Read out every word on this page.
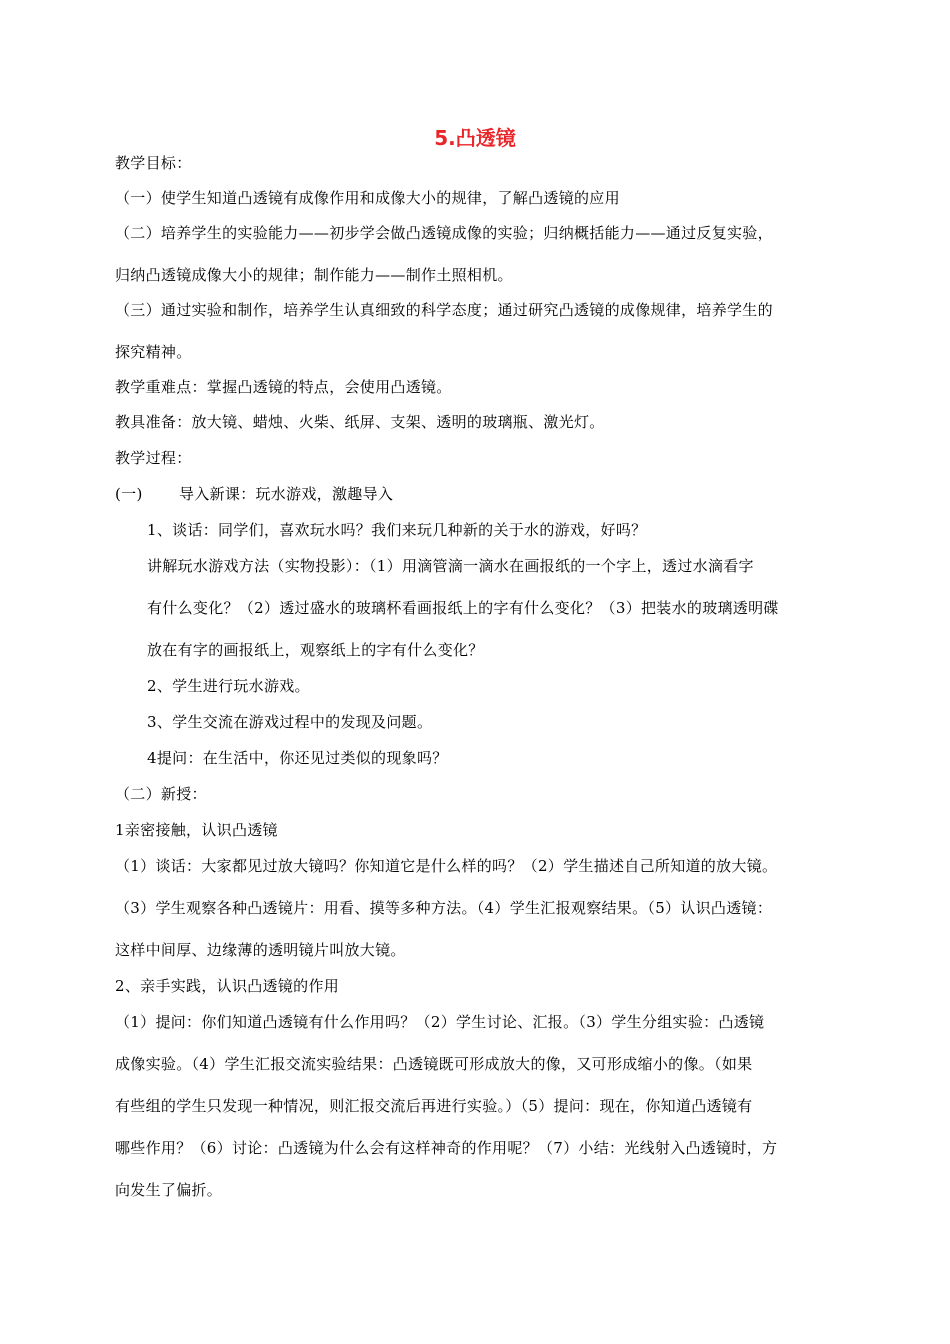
5.凸透镜
教学目标：
（一）使学生知道凸透镜有成像作用和成像大小的规律，了解凸透镜的应用
（二）培养学生的实验能力——初步学会做凸透镜成像的实验；归纳概括能力——通过反复实验，
归纳凸透镜成像大小的规律；制作能力——制作土照相机。
（三）通过实验和制作，培养学生认真细致的科学态度；通过研究凸透镜的成像规律，培养学生的
探究精神。
教学重难点：掌握凸透镜的特点，会使用凸透镜。
教具准备：放大镜、蜡烛、火柴、纸屏、支架、透明的玻璃瓶、激光灯。
教学过程：
(一) 导入新课：玩水游戏，激趣导入
1、谈话：同学们，喜欢玩水吗？我们来玩几种新的关于水的游戏，好吗？
讲解玩水游戏方法（实物投影）：（1）用滴管滴一滴水在画报纸的一个字上，透过水滴看字
有什么变化？（2）透过盛水的玻璃杯看画报纸上的字有什么变化？（3）把装水的玻璃透明碟
放在有字的画报纸上，观察纸上的字有什么变化？
2、学生进行玩水游戏。
3、学生交流在游戏过程中的发现及问题。
4提问：在生活中，你还见过类似的现象吗？
（二）新授：
1亲密接触，认识凸透镜
（1）谈话：大家都见过放大镜吗？你知道它是什么样的吗？（2）学生描述自己所知道的放大镜。
（3）学生观察各种凸透镜片：用看、摸等多种方法。（4）学生汇报观察结果。（5）认识凸透镜：
这样中间厚、边缘薄的透明镜片叫放大镜。
2、亲手实践，认识凸透镜的作用
（1）提问：你们知道凸透镜有什么作用吗？（2）学生讨论、汇报。（3）学生分组实验：凸透镜
成像实验。（4）学生汇报交流实验结果：凸透镜既可形成放大的像，又可形成缩小的像。（如果
有些组的学生只发现一种情况，则汇报交流后再进行实验。）（5）提问：现在，你知道凸透镜有
哪些作用？（6）讨论：凸透镜为什么会有这样神奇的作用呢？（7）小结：光线射入凸透镜时，方
向发生了偏折。
